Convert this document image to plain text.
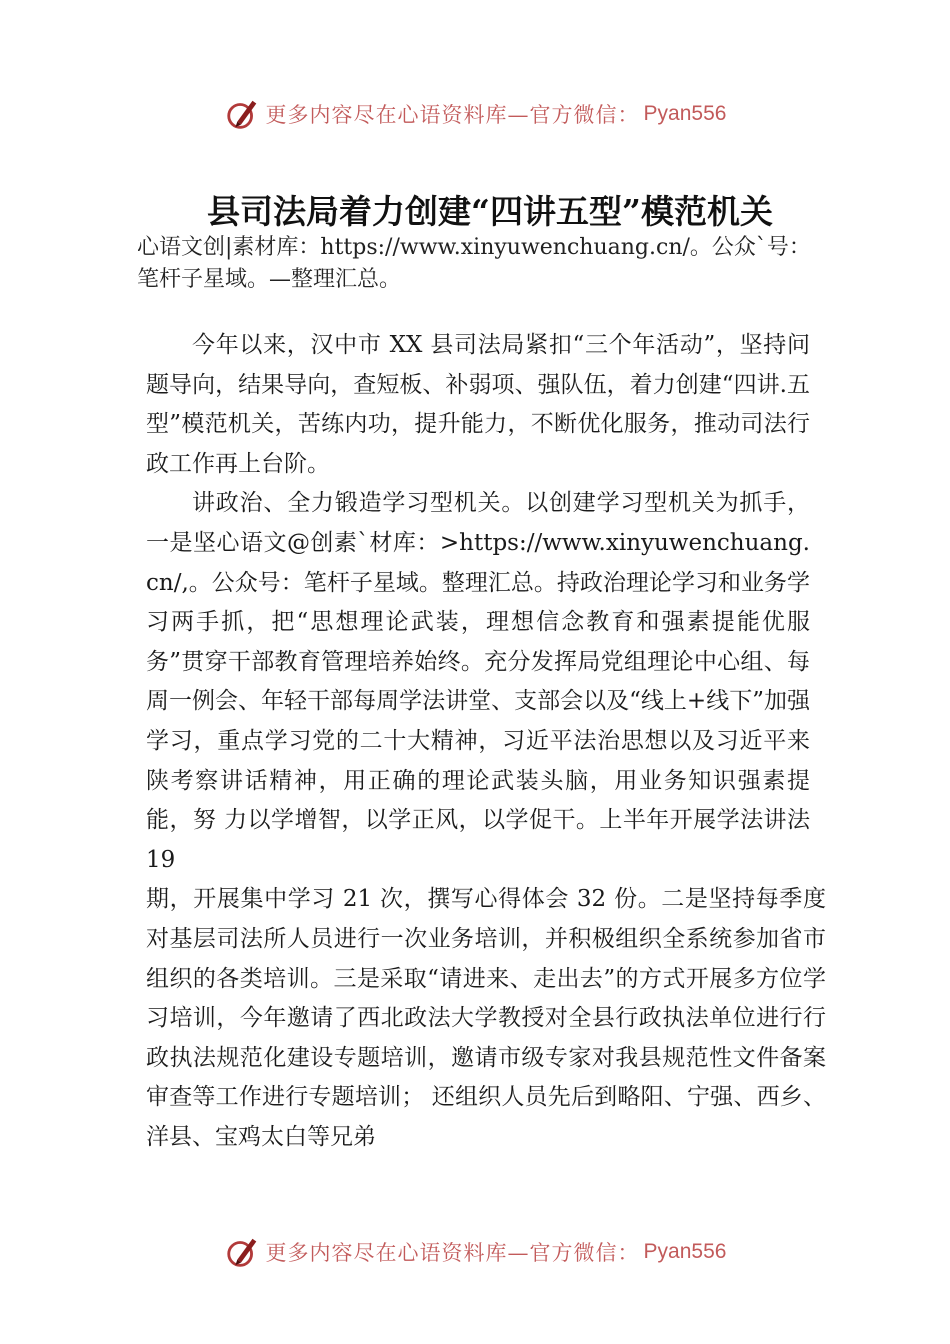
更多内容尽在心语资料库—官方微信： Pyan556
县司法局着力创建“四讲五型”模范机关
心语文创|素材库：https://www.xinyuwenchuang.cn/。公众`号：笔杆子星域。—整理汇总。

今年以来，汉中市 XX 县司法局紧扣“三个年活动”，坚持问题导向，结果导向，查短板、补弱项、强队伍，着力创建“四讲.五型”模范机关，苦练内功，提升能力，不断优化服务，推动司法行政工作再上台阶。

讲政治、全力锻造学习型机关。以创建学习型机关为抓手，一是坚心语文@创素`材库：>https://www.xinyuwenchuang.cn/,。公众号：笔杆子星域。整理汇总。持政治理论学习和业务学习两手抓，把“思想理论武装，理想信念教育和强素提能优服务”贯穿干部教育管理培养始终。充分发挥局党组理论中心组、每周一例会、年轻干部每周学法讲堂、支部会以及“线上+线下”加强学习，重点学习党的二十大精神，习近平法治思想以及习近平来陕考察讲话精神，用正确的理论武装头脑，用业务知识强素提能，努 力以学增智，以学正风，以学促干。上半年开展学法讲法 19

期，开展集中学习 21 次，撰写心得体会 32 份。二是坚持每季度对基层司法所人员进行一次业务培训，并积极组织全系统参加省市组织的各类培训。三是采取“请进来、走出去”的方式开展多方位学习培训，今年邀请了西北政法大学教授对全县行政执法单位进行行政执法规范化建设专题培训，邀请市级专家对我县规范性文件备案审查等工作进行专题培训； 还组织人员先后到略阳、宁强、西乡、洋县、宝鸡太白等兄弟

更多内容尽在心语资料库—官方微信： Pyan556
